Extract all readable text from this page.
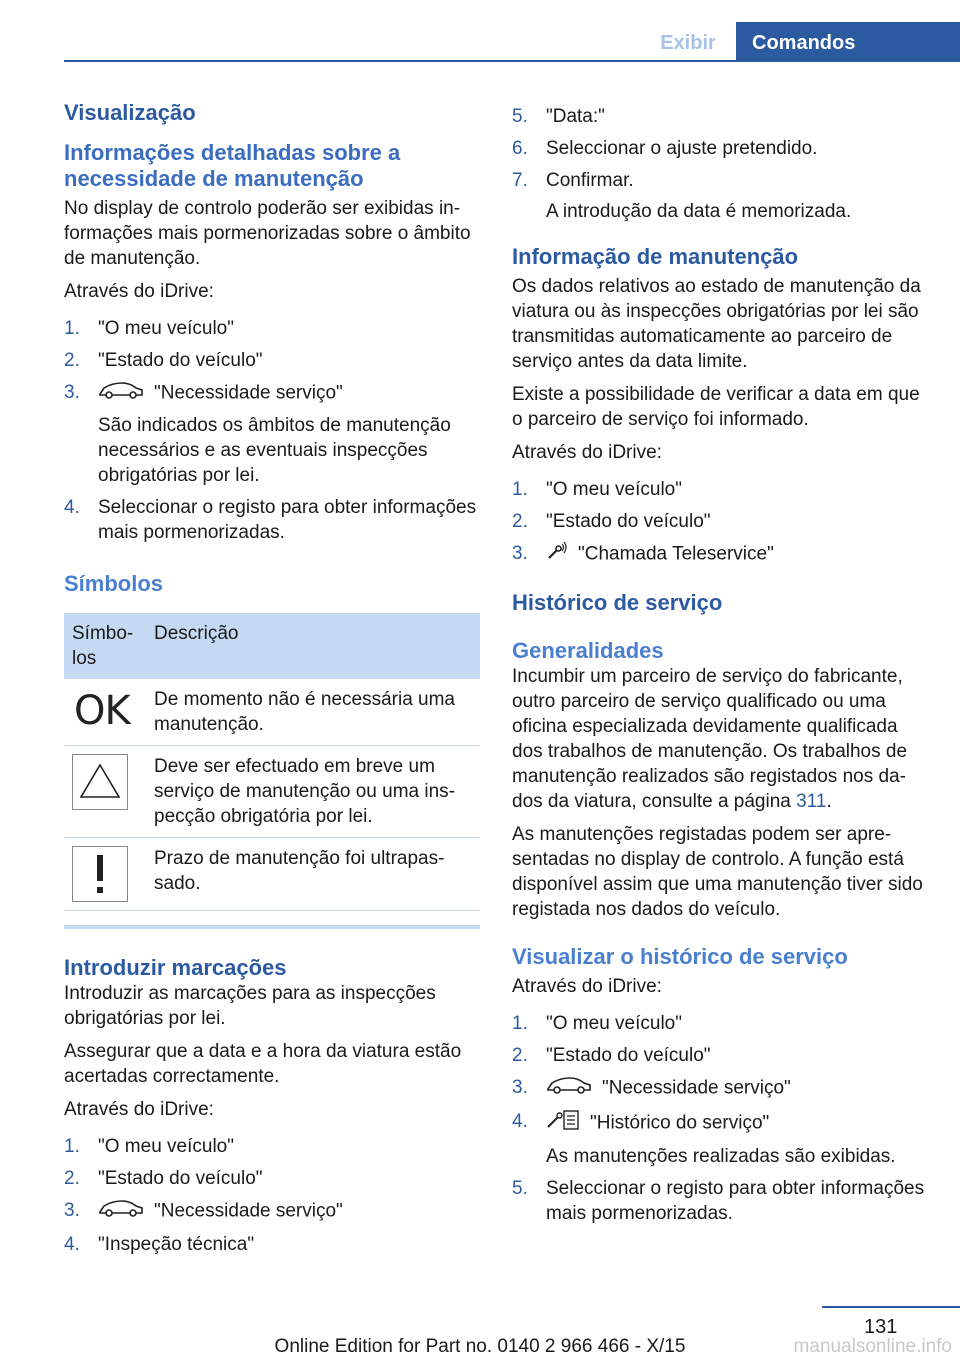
Exibir	Comandos
Visualização
Informações detalhadas sobre a necessidade de manutenção

No display de controlo poderão ser exibidas informações mais pormenorizadas sobre o âmbito de manutenção.

Através do iDrive:

1. "O meu veículo"
2. "Estado do veículo"
3.	"Necessidade serviço"
São indicados os âmbitos de manutenção necessários e as eventuais inspecções obrigatórias por lei.
4. Seleccionar o registo para obter informações mais pormenorizadas.
Símbolos
Símbo-los	Descrição

OK	De momento não é necessária uma manutenção.

	Deve ser efectuado em breve um serviço de manutenção ou uma inspecção obrigatória por lei.

	Prazo de manutenção foi ultrapassado.
Introduzir marcações

Introduzir as marcações para as inspecções obrigatórias por lei.

Assegurar que a data e a hora da viatura estão acertadas correctamente.

Através do iDrive:

1. "O meu veículo"
2. "Estado do veículo"
3.	"Necessidade serviço"
4. "Inspeção técnica"
5. "Data:"
6. Seleccionar o ajuste pretendido.
7. Confirmar.
A introdução da data é memorizada.
Informação de manutenção

Os dados relativos ao estado de manutenção da viatura ou às inspecções obrigatórias por lei são transmitidas automaticamente ao parceiro de serviço antes da data limite.

Existe a possibilidade de verificar a data em que o parceiro de serviço foi informado.

Através do iDrive:

1. "O meu veículo"
2. "Estado do veículo"
3.	"Chamada Teleservice"
Histórico de serviço
Generalidades

Incumbir um parceiro de serviço do fabricante, outro parceiro de serviço qualificado ou uma oficina especializada devidamente qualificada dos trabalhos de manutenção. Os trabalhos de manutenção realizados são registados nos dados da viatura, consulte a página 311.

As manutenções registadas podem ser apresentadas no display de controlo. A função está disponível assim que uma manutenção tiver sido registada nos dados do veículo.

Visualizar o histórico de serviço

Através do iDrive:

1. "O meu veículo"
2. "Estado do veículo"
3.	"Necessidade serviço"
4.	"Histórico do serviço"
As manutenções realizadas são exibidas.
5. Seleccionar o registo para obter informações mais pormenorizadas.
131
Online Edition for Part no. 0140 2 966 466 - X/15	manualsonline.info
